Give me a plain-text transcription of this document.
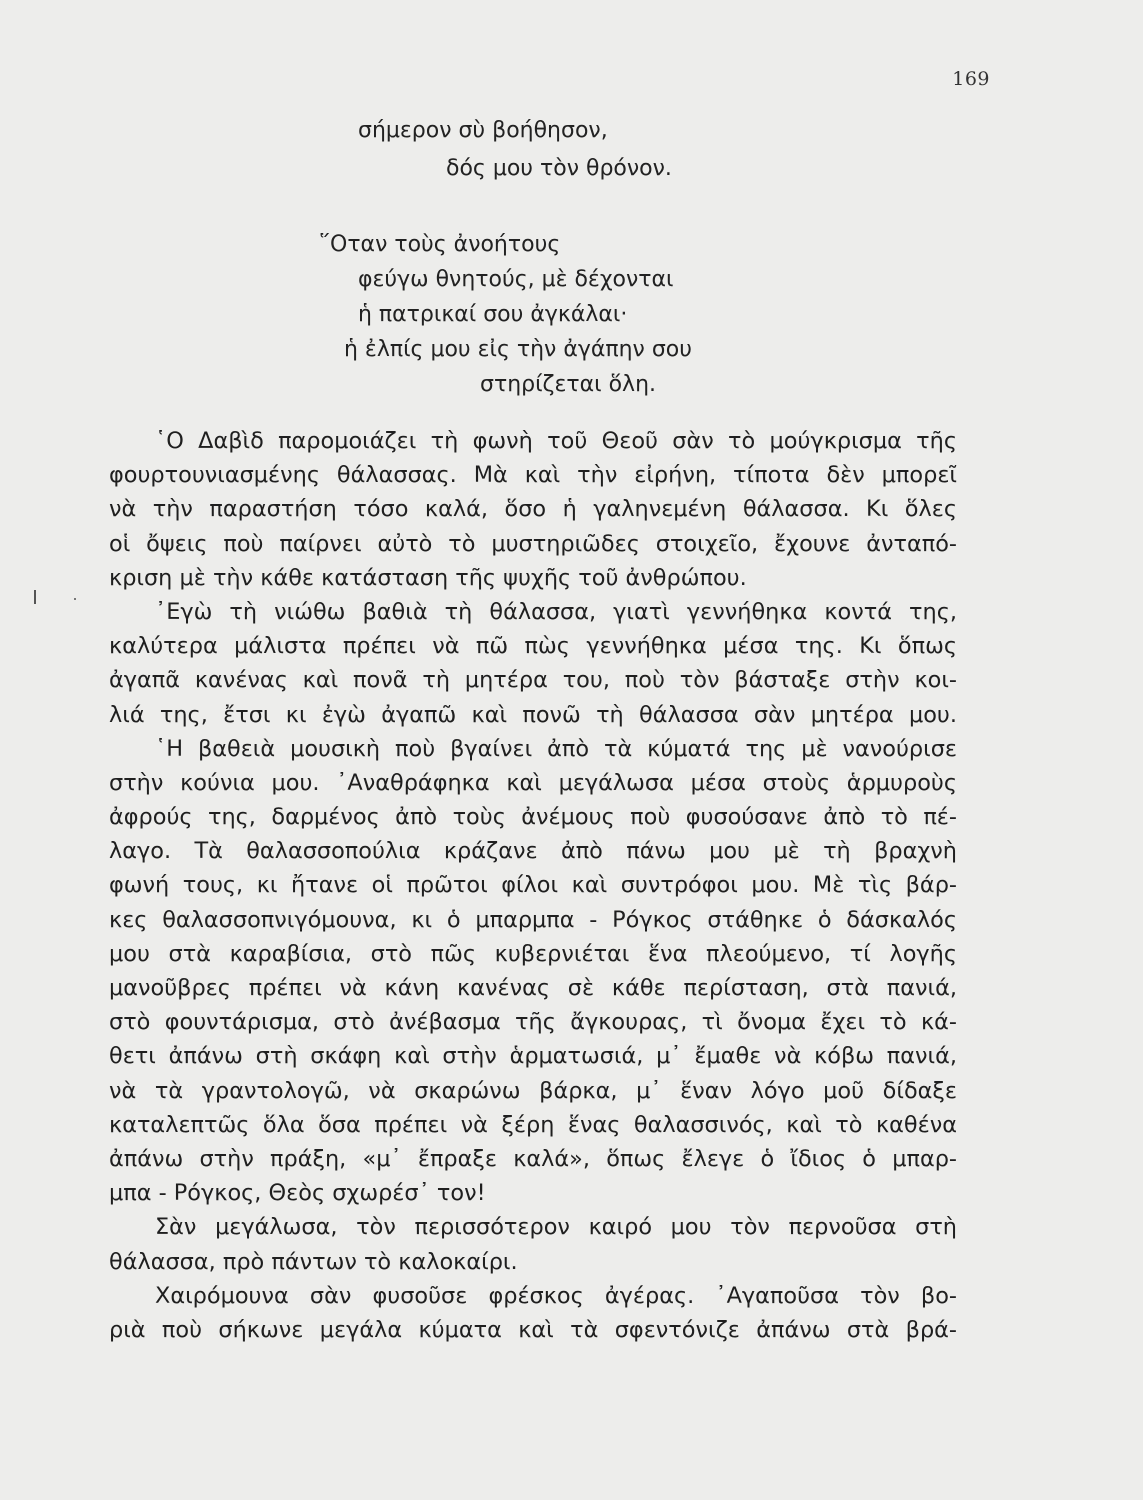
169
σήμερον σὺ βοήθησον,
δός μου τὸν θρόνον.
῞Οταν τοὺς ἀνοήτους
φεύγω θνητούς, μὲ δέχονται
ἡ πατρικαί σου ἀγκάλαι·
ἡ ἐλπίς μου εἰς τὴν ἀγάπην σου
στηρίζεται ὅλη.
῾Ο Δαβὶδ παρομοιάζει τὴ φωνὴ τοῦ Θεοῦ σὰν τὸ μούγκρισμα τῆς
φουρτουνιασμένης θάλασσας. Μὰ καὶ τὴν εἰρήνη, τίποτα δὲν μπορεῖ
νὰ τὴν παραστήση τόσο καλά, ὅσο ἡ γαληνεμένη θάλασσα. Κι ὅλες
οἱ ὄψεις ποὺ παίρνει αὐτὸ τὸ μυστηριῶδες στοιχεῖο, ἔχουνε ἀνταπό-
κριση μὲ τὴν κάθε κατάσταση τῆς ψυχῆς τοῦ ἀνθρώπου.
᾿Εγὼ τὴ νιώθω βαθιὰ τὴ θάλασσα, γιατὶ γεννήθηκα κοντά της,
καλύτερα μάλιστα πρέπει νὰ πῶ πὼς γεννήθηκα μέσα της. Κι ὅπως
ἀγαπᾶ κανένας καὶ πονᾶ τὴ μητέρα του, ποὺ τὸν βάσταξε στὴν κοι-
λιά της, ἔτσι κι ἐγὼ ἀγαπῶ καὶ πονῶ τὴ θάλασσα σὰν μητέρα μου.
῾Η βαθειὰ μουσικὴ ποὺ βγαίνει ἀπὸ τὰ κύματά της μὲ νανούρισε
στὴν κούνια μου. ᾿Αναθράφηκα καὶ μεγάλωσα μέσα στοὺς ἁρμυροὺς
ἀφρούς της, δαρμένος ἀπὸ τοὺς ἀνέμους ποὺ φυσούσανε ἀπὸ τὸ πέ-
λαγο. Τὰ θαλασσοπούλια κράζανε ἀπὸ πάνω μου μὲ τὴ βραχνὴ
φωνή τους, κι ἤτανε οἱ πρῶτοι φίλοι καὶ συντρόφοι μου. Μὲ τὶς βάρ-
κες θαλασσοπνιγόμουνα, κι ὁ μπαρμπα - Ρόγκος στάθηκε ὁ δάσκαλός
μου στὰ καραβίσια, στὸ πῶς κυβερνιέται ἕνα πλεούμενο, τί λογῆς
μανοῦβρες πρέπει νὰ κάνη κανένας σὲ κάθε περίσταση, στὰ πανιά,
στὸ φουντάρισμα, στὸ ἀνέβασμα τῆς ἄγκουρας, τὶ ὄνομα ἔχει τὸ κά-
θετι ἀπάνω στὴ σκάφη καὶ στὴν ἁρματωσιά, μ᾿ ἔμαθε νὰ κόβω πανιά,
νὰ τὰ γραντολογῶ, νὰ σκαρώνω βάρκα, μ᾿ ἕναν λόγο μοῦ δίδαξε
καταλεπτῶς ὅλα ὅσα πρέπει νὰ ξέρη ἕνας θαλασσινός, καὶ τὸ καθένα
ἀπάνω στὴν πράξη, «μ᾿ ἔπραξε καλά», ὅπως ἔλεγε ὁ ἴδιος ὁ μπαρ-
μπα - Ρόγκος, Θεὸς σχωρέσ᾿ τον!
Σὰν μεγάλωσα, τὸν περισσότερον καιρό μου τὸν περνοῦσα στὴ
θάλασσα, πρὸ πάντων τὸ καλοκαίρι.
Χαιρόμουνα σὰν φυσοῦσε φρέσκος ἀγέρας. ᾿Αγαποῦσα τὸν βο-
ριὰ ποὺ σήκωνε μεγάλα κύματα καὶ τὰ σφεντόνιζε ἀπάνω στὰ βρά-
